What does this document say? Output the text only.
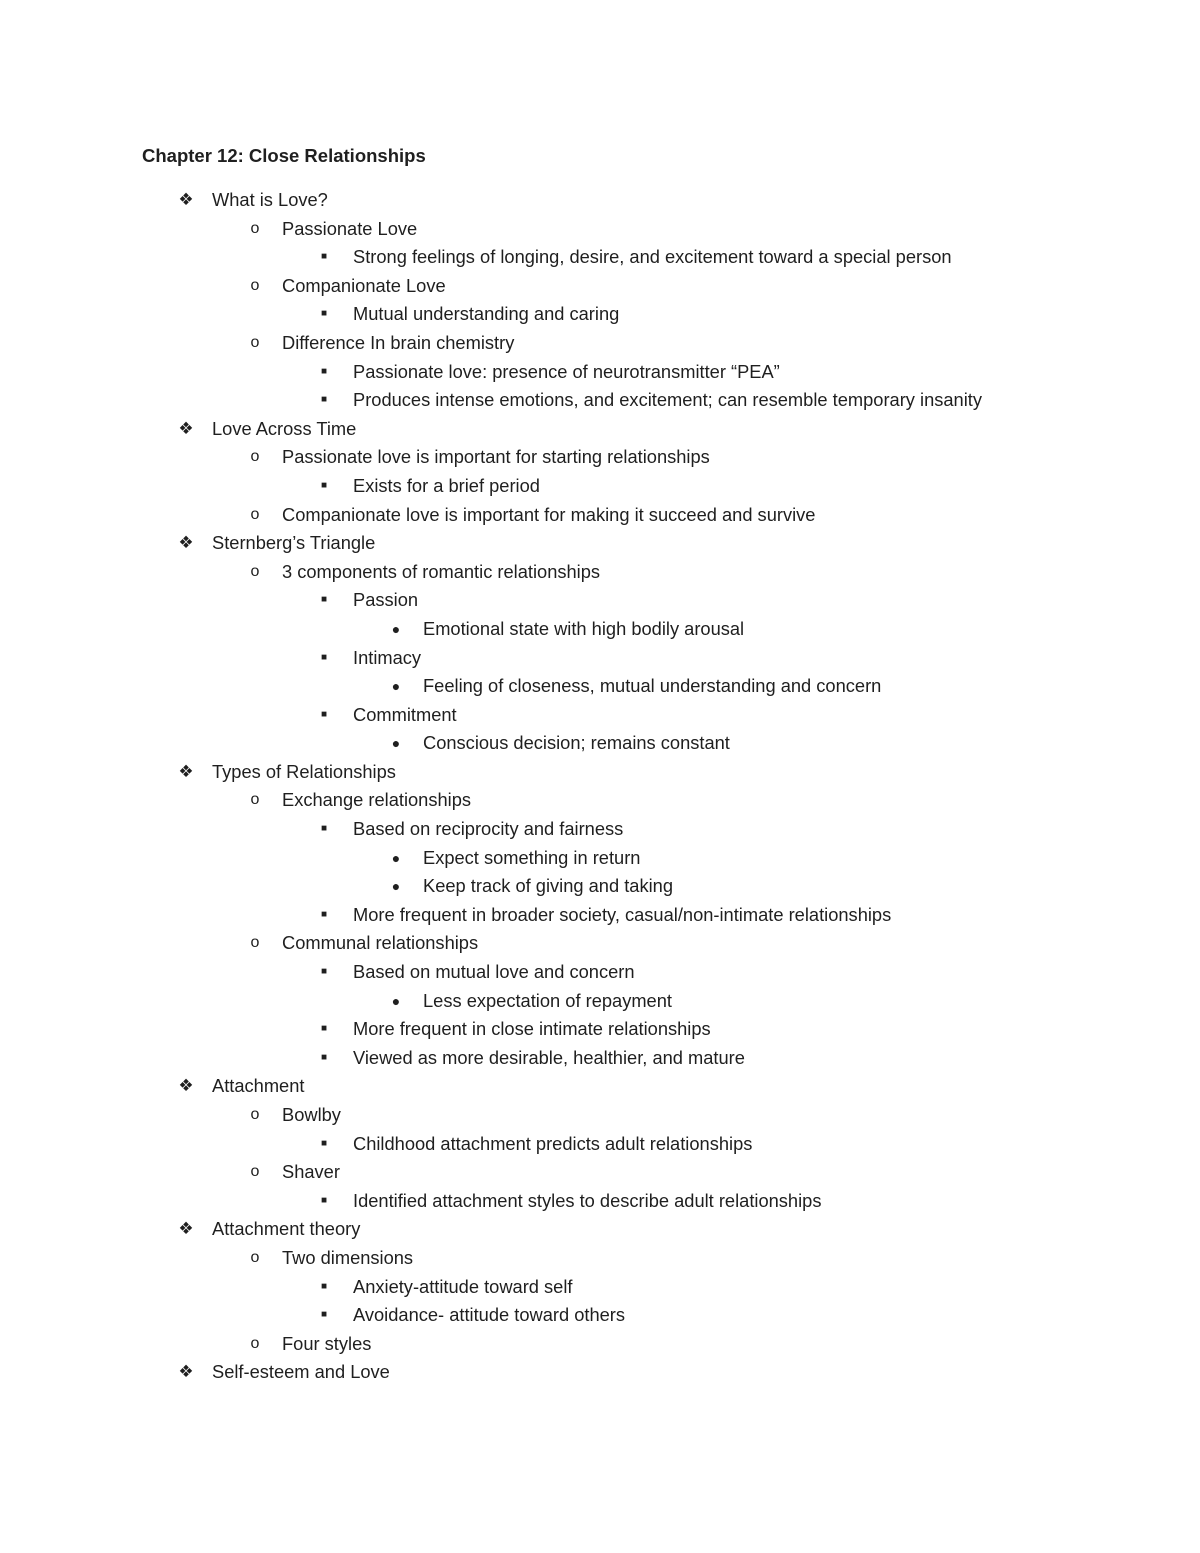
Chapter 12: Close Relationships
❖ What is Love?
o	Passionate Love
■	Strong feelings of longing, desire, and excitement toward a special person
o	Companionate Love
■	Mutual understanding and caring
o	Difference In brain chemistry
■	Passionate love: presence of neurotransmitter “PEA”
■	Produces intense emotions, and excitement; can resemble temporary insanity
❖ Love Across Time
o	Passionate love is important for starting relationships
■	Exists for a brief period
o	Companionate love is important for making it succeed and survive
❖ Sternberg’s Triangle
o	3 components of romantic relationships
■	Passion
●	Emotional state with high bodily arousal
■	Intimacy
●	Feeling of closeness, mutual understanding and concern
■	Commitment
●	Conscious decision; remains constant
❖ Types of Relationships
o	Exchange relationships
■	Based on reciprocity and fairness
●	Expect something in return
●	Keep track of giving and taking
■	More frequent in broader society, casual/non-intimate relationships
o	Communal relationships
■	Based on mutual love and concern
●	Less expectation of repayment
■	More frequent in close intimate relationships
■	Viewed as more desirable, healthier, and mature
❖ Attachment
o	Bowlby
■	Childhood attachment predicts adult relationships
o	Shaver
■	Identified attachment styles to describe adult relationships
❖ Attachment theory
o	Two dimensions
■	Anxiety-attitude toward self
■	Avoidance- attitude toward others
o	Four styles
❖ Self-esteem and Love
